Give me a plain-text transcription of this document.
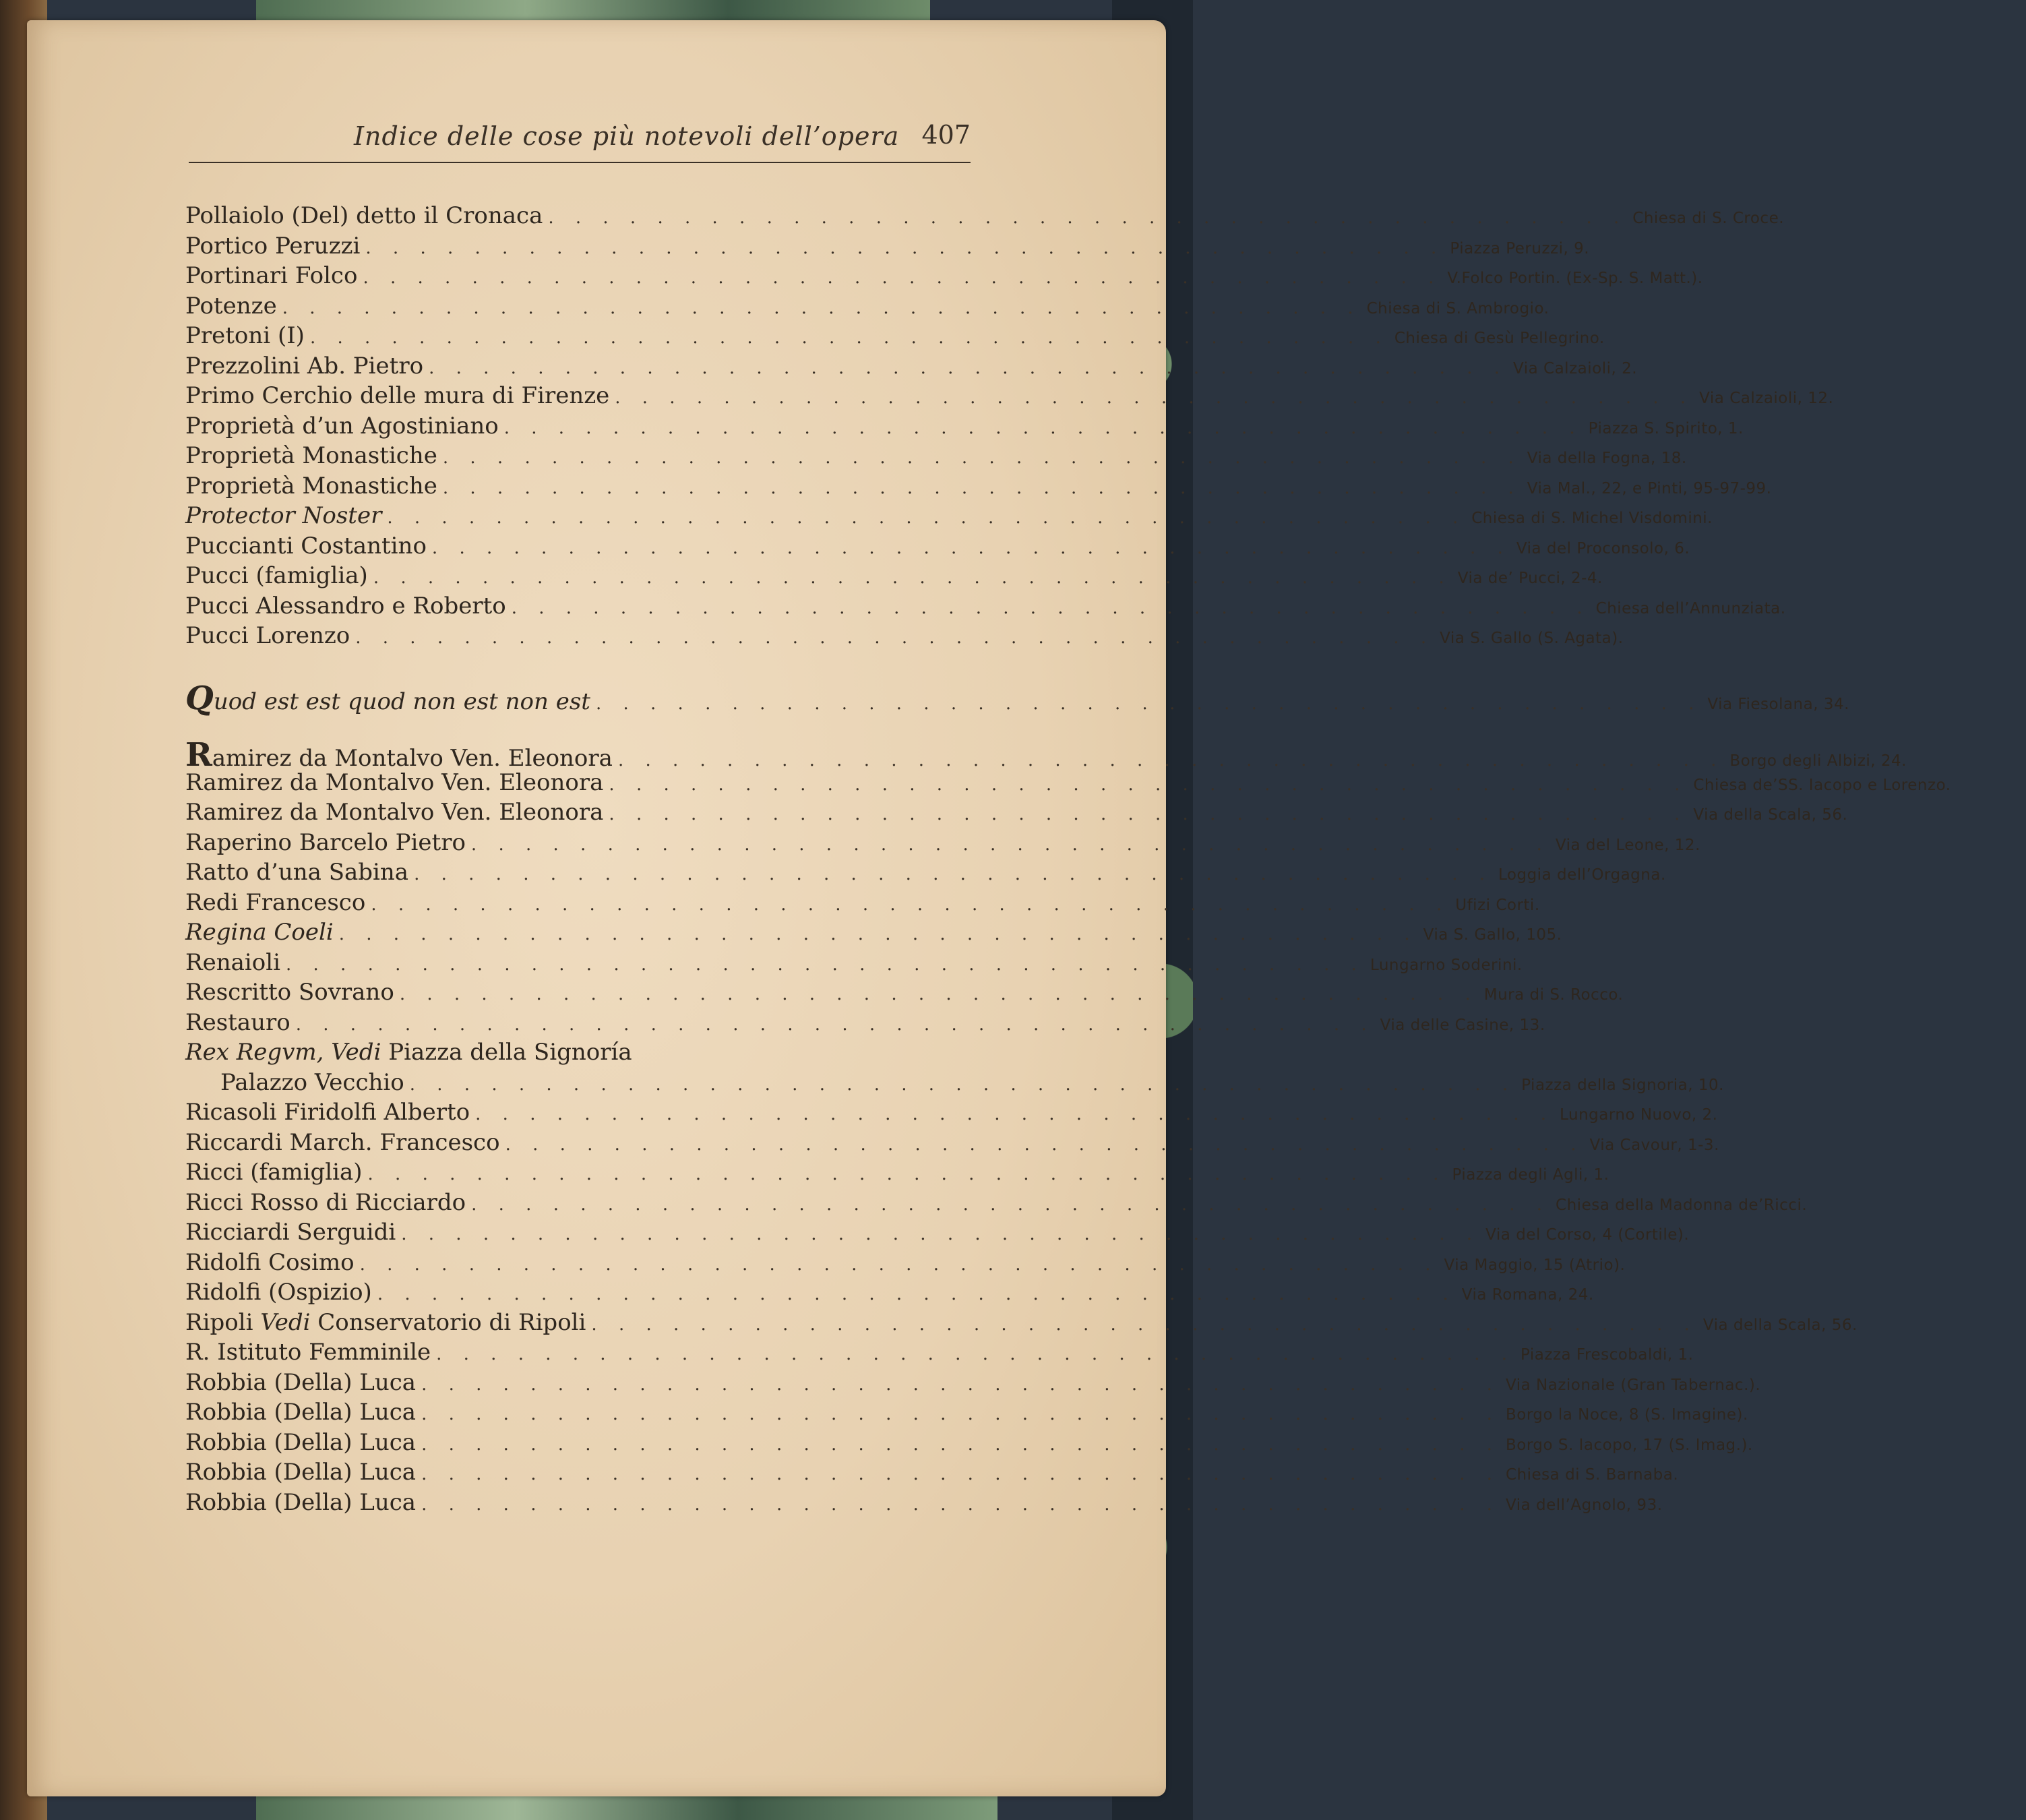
Indice delle cose più notevoli dell’opera 407
Pollaiolo (Del) detto il Cronaca . . . . . . . . . . . . . . . . . . . . . . . . . . . . . . . . . . . . . . . . Chiesa di S. Croce.
Portico Peruzzi . . . . . . . . . . . . . . . . . . . . . . . . . . . . . . . . . . . . . . . . Piazza Peruzzi, 9.
Portinari Folco . . . . . . . . . . . . . . . . . . . . . . . . . . . . . . . . . . . . . . . . V.Folco Portin. (Ex-Sp. S. Matt.).
Potenze . . . . . . . . . . . . . . . . . . . . . . . . . . . . . . . . . . . . . . . . Chiesa di S. Ambrogio.
Pretoni (I) . . . . . . . . . . . . . . . . . . . . . . . . . . . . . . . . . . . . . . . . Chiesa di Gesù Pellegrino.
Prezzolini Ab. Pietro . . . . . . . . . . . . . . . . . . . . . . . . . . . . . . . . . . . . . . . . Via Calzaioli, 2.
Primo Cerchio delle mura di Firenze . . . . . . . . . . . . . . . . . . . . . . . . . . . . . . . . . . . . . . . . Via Calzaioli, 12.
Proprietà d’un Agostiniano . . . . . . . . . . . . . . . . . . . . . . . . . . . . . . . . . . . . . . . . Piazza S. Spirito, 1.
Proprietà Monastiche . . . . . . . . . . . . . . . . . . . . . . . . . . . . . . . . . . . . . . . . Via della Fogna, 18.
Proprietà Monastiche . . . . . . . . . . . . . . . . . . . . . . . . . . . . . . . . . . . . . . . . Via Mal., 22, e Pinti, 95-97-99.
Protector Noster . . . . . . . . . . . . . . . . . . . . . . . . . . . . . . . . . . . . . . . . Chiesa di S. Michel Visdomini.
Puccianti Costantino . . . . . . . . . . . . . . . . . . . . . . . . . . . . . . . . . . . . . . . . Via del Proconsolo, 6.
Pucci (famiglia) . . . . . . . . . . . . . . . . . . . . . . . . . . . . . . . . . . . . . . . . Via de’ Pucci, 2-4.
Pucci Alessandro e Roberto . . . . . . . . . . . . . . . . . . . . . . . . . . . . . . . . . . . . . . . . Chiesa dell’Annunziata.
Pucci Lorenzo . . . . . . . . . . . . . . . . . . . . . . . . . . . . . . . . . . . . . . . . Via S. Gallo (S. Agata).
Quod est est quod non est non est . . . . . . . . . . . . . . . . . . . . . . . . . . . . . . . . . . . . . . . . . Via Fiesolana, 34.
Ramirez da Montalvo Ven. Eleonora . . . . . . . . . . . . . . . . . . . . . . . . . . . . . . . . . . . . . . . . . Borgo degli Albizi, 24.
Ramirez da Montalvo Ven. Eleonora . . . . . . . . . . . . . . . . . . . . . . . . . . . . . . . . . . . . . . . . Chiesa de’SS. Iacopo e Lorenzo.
Ramirez da Montalvo Ven. Eleonora . . . . . . . . . . . . . . . . . . . . . . . . . . . . . . . . . . . . . . . . Via della Scala, 56.
Raperino Barcelo Pietro . . . . . . . . . . . . . . . . . . . . . . . . . . . . . . . . . . . . . . . . Via del Leone, 12.
Ratto d’una Sabina . . . . . . . . . . . . . . . . . . . . . . . . . . . . . . . . . . . . . . . . Loggia dell’Orgagna.
Redi Francesco . . . . . . . . . . . . . . . . . . . . . . . . . . . . . . . . . . . . . . . . Ufizi Corti.
Regina Coeli . . . . . . . . . . . . . . . . . . . . . . . . . . . . . . . . . . . . . . . . Via S. Gallo, 105.
Renaioli . . . . . . . . . . . . . . . . . . . . . . . . . . . . . . . . . . . . . . . . Lungarno Soderini.
Rescritto Sovrano . . . . . . . . . . . . . . . . . . . . . . . . . . . . . . . . . . . . . . . . Mura di S. Rocco.
Restauro . . . . . . . . . . . . . . . . . . . . . . . . . . . . . . . . . . . . . . . . Via delle Casine, 13.
Rex Regvm, Vedi Piazza della Signoría
Palazzo Vecchio . . . . . . . . . . . . . . . . . . . . . . . . . . . . . . . . . . . . . . . . . Piazza della Signoria, 10.
Ricasoli Firidolfi Alberto . . . . . . . . . . . . . . . . . . . . . . . . . . . . . . . . . . . . . . . . Lungarno Nuovo, 2.
Riccardi March. Francesco . . . . . . . . . . . . . . . . . . . . . . . . . . . . . . . . . . . . . . . . Via Cavour, 1-3.
Ricci (famiglia) . . . . . . . . . . . . . . . . . . . . . . . . . . . . . . . . . . . . . . . . Piazza degli Agli, 1.
Ricci Rosso di Ricciardo . . . . . . . . . . . . . . . . . . . . . . . . . . . . . . . . . . . . . . . . Chiesa della Madonna de’Ricci.
Ricciardi Serguidi . . . . . . . . . . . . . . . . . . . . . . . . . . . . . . . . . . . . . . . . Via del Corso, 4 (Cortile).
Ridolfi Cosimo . . . . . . . . . . . . . . . . . . . . . . . . . . . . . . . . . . . . . . . . Via Maggio, 15 (Atrio).
Ridolfi (Ospizio) . . . . . . . . . . . . . . . . . . . . . . . . . . . . . . . . . . . . . . . . Via Romana, 24.
Ripoli Vedi Conservatorio di Ripoli . . . . . . . . . . . . . . . . . . . . . . . . . . . . . . . . . . . . . . . . . Via della Scala, 56.
R. Istituto Femminile . . . . . . . . . . . . . . . . . . . . . . . . . . . . . . . . . . . . . . . . Piazza Frescobaldi, 1.
Robbia (Della) Luca . . . . . . . . . . . . . . . . . . . . . . . . . . . . . . . . . . . . . . . . Via Nazionale (Gran Tabernac.).
Robbia (Della) Luca . . . . . . . . . . . . . . . . . . . . . . . . . . . . . . . . . . . . . . . . Borgo la Noce, 8 (S. Imagine).
Robbia (Della) Luca . . . . . . . . . . . . . . . . . . . . . . . . . . . . . . . . . . . . . . . . Borgo S. Iacopo, 17 (S. Imag.).
Robbia (Della) Luca . . . . . . . . . . . . . . . . . . . . . . . . . . . . . . . . . . . . . . . . Chiesa di S. Barnaba.
Robbia (Della) Luca . . . . . . . . . . . . . . . . . . . . . . . . . . . . . . . . . . . . . . . . Via dell’Agnolo, 93.
